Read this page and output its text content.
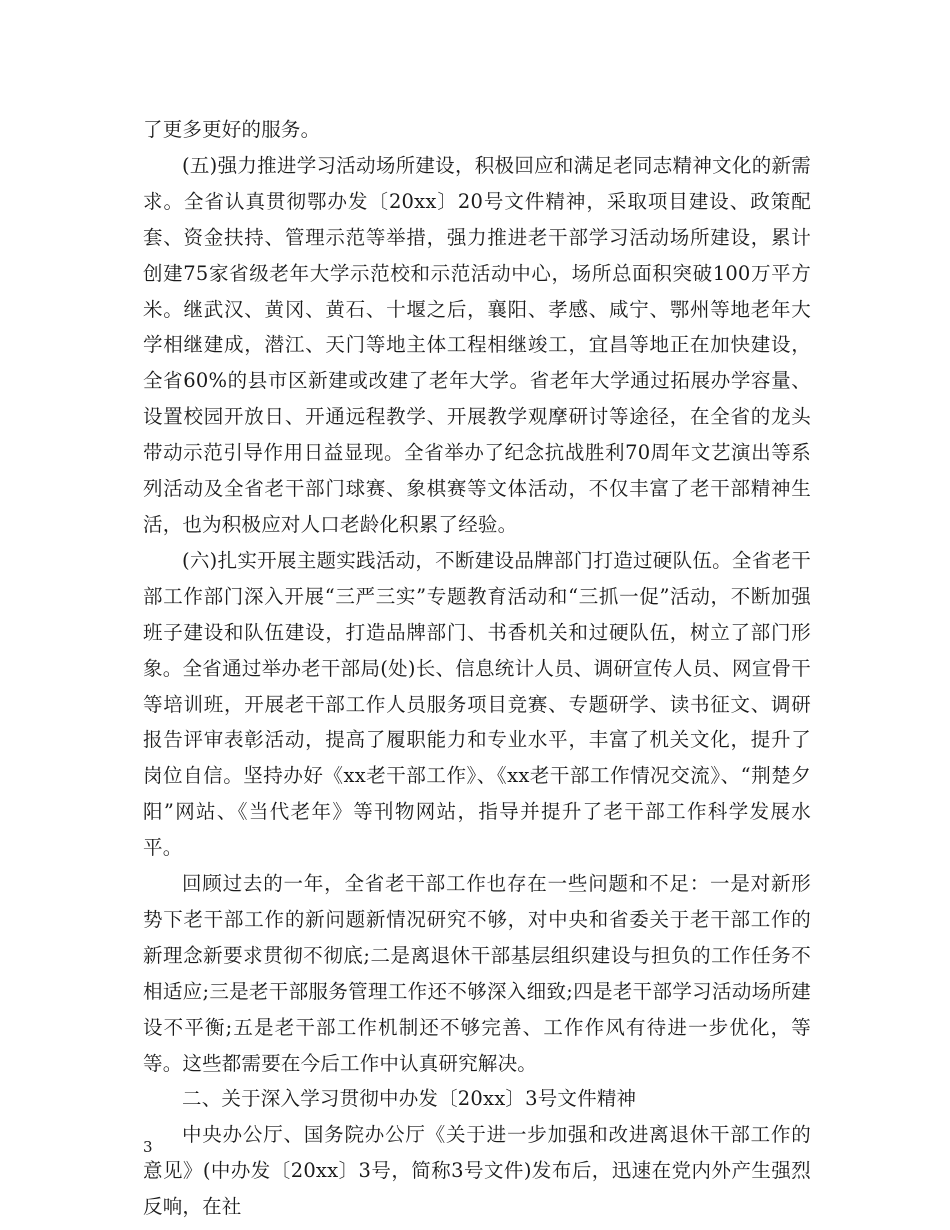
了更多更好的服务。

(五)强力推进学习活动场所建设，积极回应和满足老同志精神文化的新需求。全省认真贯彻鄂办发〔20xx〕20号文件精神，采取项目建设、政策配套、资金扶持、管理示范等举措，强力推进老干部学习活动场所建设，累计创建75家省级老年大学示范校和示范活动中心，场所总面积突破100万平方米。继武汉、黄冈、黄石、十堰之后，襄阳、孝感、咸宁、鄂州等地老年大学相继建成，潜江、天门等地主体工程相继竣工，宜昌等地正在加快建设，全省60%的县市区新建或改建了老年大学。省老年大学通过拓展办学容量、设置校园开放日、开通远程教学、开展教学观摩研讨等途径，在全省的龙头带动示范引导作用日益显现。全省举办了纪念抗战胜利70周年文艺演出等系列活动及全省老干部门球赛、象棋赛等文体活动，不仅丰富了老干部精神生活，也为积极应对人口老龄化积累了经验。

(六)扎实开展主题实践活动，不断建设品牌部门打造过硬队伍。全省老干部工作部门深入开展“三严三实”专题教育活动和“三抓一促”活动，不断加强班子建设和队伍建设，打造品牌部门、书香机关和过硬队伍，树立了部门形象。全省通过举办老干部局(处)长、信息统计人员、调研宣传人员、网宣骨干等培训班，开展老干部工作人员服务项目竞赛、专题研学、读书征文、调研报告评审表彰活动，提高了履职能力和专业水平，丰富了机关文化，提升了岗位自信。坚持办好《xx老干部工作》、《xx老干部工作情况交流》、“荆楚夕阳”网站、《当代老年》等刊物网站，指导并提升了老干部工作科学发展水平。

回顾过去的一年，全省老干部工作也存在一些问题和不足：一是对新形势下老干部工作的新问题新情况研究不够，对中央和省委关于老干部工作的新理念新要求贯彻不彻底;二是离退休干部基层组织建设与担负的工作任务不相适应;三是老干部服务管理工作还不够深入细致;四是老干部学习活动场所建设不平衡;五是老干部工作机制还不够完善、工作作风有待进一步优化，等等。这些都需要在今后工作中认真研究解决。

二、关于深入学习贯彻中办发〔20xx〕3号文件精神

中央办公厅、国务院办公厅《关于进一步加强和改进离退休干部工作的意见》(中办发〔20xx〕3号，简称3号文件)发布后，迅速在党内外产生强烈反响，在社

3
